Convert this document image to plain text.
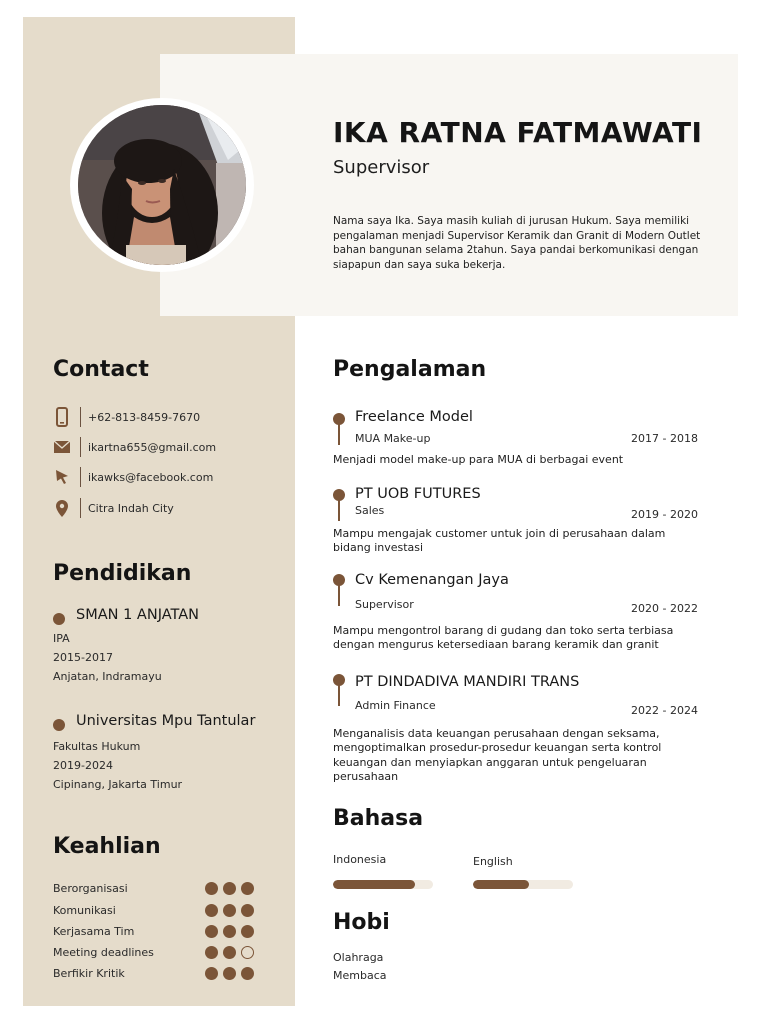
IKA RATNA FATMAWATI
Supervisor
Nama saya Ika. Saya masih kuliah di jurusan Hukum. Saya memiliki pengalaman menjadi Supervisor Keramik dan Granit di Modern Outlet bahan bangunan selama 2tahun. Saya pandai berkomunikasi dengan siapapun dan saya suka bekerja.
Contact
+62-813-8459-7670
ikartna655@gmail.com
ikawks@facebook.com
Citra Indah City
Pendidikan
SMAN 1 ANJATAN
IPA
2015-2017
Anjatan, Indramayu
Universitas Mpu Tantular
Fakultas Hukum
2019-2024
Cipinang, Jakarta Timur
Keahlian
Berorganisasi
Komunikasi
Kerjasama Tim
Meeting deadlines
Berfikir Kritik
Pengalaman
Freelance Model
MUA Make-up	2017 - 2018
Menjadi model make-up para MUA di berbagai event
PT UOB FUTURES
Sales	2019 - 2020
Mampu mengajak customer untuk join di perusahaan dalam bidang investasi
Cv Kemenangan Jaya
Supervisor	2020 - 2022
Mampu mengontrol barang di gudang dan toko serta terbiasa dengan mengurus ketersediaan barang keramik dan granit
PT DINDADIVA MANDIRI TRANS
Admin Finance	2022 - 2024
Menganalisis data keuangan perusahaan dengan seksama, mengoptimalkan prosedur-prosedur keuangan serta kontrol keuangan dan menyiapkan anggaran untuk pengeluaran perusahaan
Bahasa
Indonesia	English
Hobi
Olahraga
Membaca
